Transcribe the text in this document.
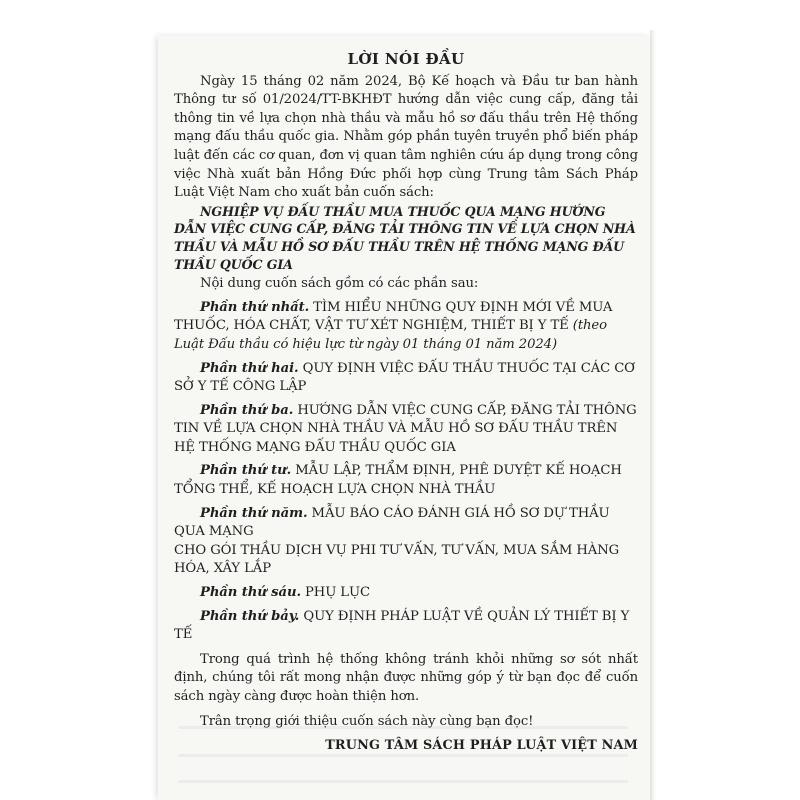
LỜI NÓI ĐẦU

Ngày 15 tháng 02 năm 2024, Bộ Kế hoạch và Đầu tư ban hành Thông tư số 01/2024/TT-BKHĐT hướng dẫn việc cung cấp, đăng tải thông tin về lựa chọn nhà thầu và mẫu hồ sơ đấu thầu trên Hệ thống mạng đấu thầu quốc gia. Nhằm góp phần tuyên truyền phổ biến pháp luật đến các cơ quan, đơn vị quan tâm nghiên cứu áp dụng trong công việc Nhà xuất bản Hồng Đức phối hợp cùng Trung tâm Sách Pháp Luật Việt Nam cho xuất bản cuốn sách:

NGHIỆP VỤ ĐẤU THẦU MUA THUỐC QUA MẠNG HƯỚNG DẪN VIỆC CUNG CẤP, ĐĂNG TẢI THÔNG TIN VỀ LỰA CHỌN NHÀ THẦU VÀ MẪU HỒ SƠ ĐẤU THẦU TRÊN HỆ THỐNG MẠNG ĐẤU THẦU QUỐC GIA

Nội dung cuốn sách gồm có các phần sau:

Phần thứ nhất. TÌM HIỂU NHỮNG QUY ĐỊNH MỚI VỀ MUA THUỐC, HÓA CHẤT, VẬT TƯ XÉT NGHIỆM, THIẾT BỊ Y TẾ (theo Luật Đấu thầu có hiệu lực từ ngày 01 tháng 01 năm 2024)

Phần thứ hai. QUY ĐỊNH VIỆC ĐẤU THẦU THUỐC TẠI CÁC CƠ SỞ Y TẾ CÔNG LẬP

Phần thứ ba. HƯỚNG DẪN VIỆC CUNG CẤP, ĐĂNG TẢI THÔNG TIN VỀ LỰA CHỌN NHÀ THẦU VÀ MẪU HỒ SƠ ĐẤU THẦU TRÊN HỆ THỐNG MẠNG ĐẤU THẦU QUỐC GIA

Phần thứ tư. MẪU LẬP, THẨM ĐỊNH, PHÊ DUYỆT KẾ HOẠCH TỔNG THỂ, KẾ HOẠCH LỰA CHỌN NHÀ THẦU

Phần thứ năm. MẪU BÁO CÁO ĐÁNH GIÁ HỒ SƠ DỰ THẦU QUA MẠNG
CHO GÓI THẦU DỊCH VỤ PHI TƯ VẤN, TƯ VẤN, MUA SẮM HÀNG HÓA, XÂY LẮP

Phần thứ sáu. PHỤ LỤC

Phần thứ bảy. QUY ĐỊNH PHÁP LUẬT VỀ QUẢN LÝ THIẾT BỊ Y TẾ

Trong quá trình hệ thống không tránh khỏi những sơ sót nhất định, chúng tôi rất mong nhận được những góp ý từ bạn đọc để cuốn sách ngày càng được hoàn thiện hơn.

Trân trọng giới thiệu cuốn sách này cùng bạn đọc!

TRUNG TÂM SÁCH PHÁP LUẬT VIỆT NAM
